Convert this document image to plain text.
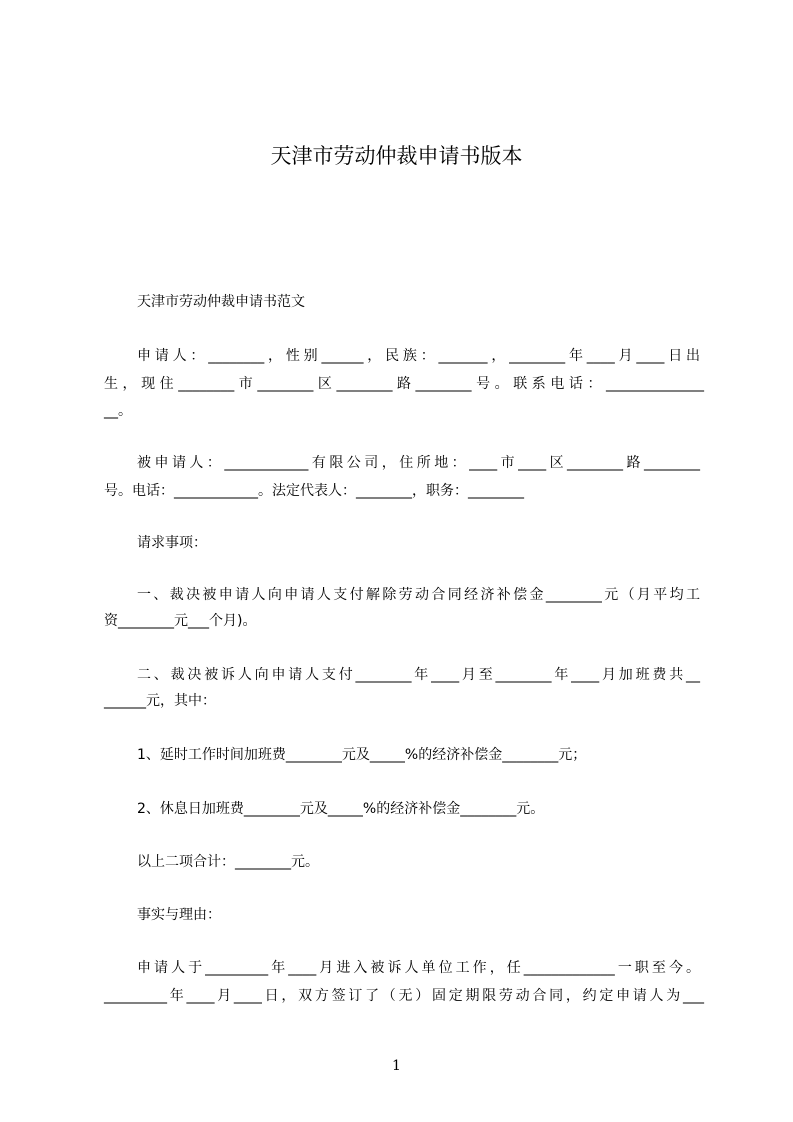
天津市劳动仲裁申请书版本
天津市劳动仲裁申请书范文
申请人：________，性别______，民族：_______，________年____月____日出
生，现住________市________区________路________号。联系电话：______________
__。
被申请人：____________有限公司，住所地：____市____区________路________
号。电话：____________。法定代表人：________，职务：________
请求事项：
一、裁决被申请人向申请人支付解除劳动合同经济补偿金________元（月平均工
资________元___个月)。
二、裁决被诉人向申请人支付________年____月至________年____月加班费共__
______元，其中：
1、延时工作时间加班费________元及_____%的经济补偿金________元；
2、休息日加班费________元及_____%的经济补偿金________元。
以上二项合计：________元。
事实与理由：
申请人于_________年____月进入被诉人单位工作，任_____________一职至今。
_________年____月____日，双方签订了（无）固定期限劳动合同，约定申请人为___
1
